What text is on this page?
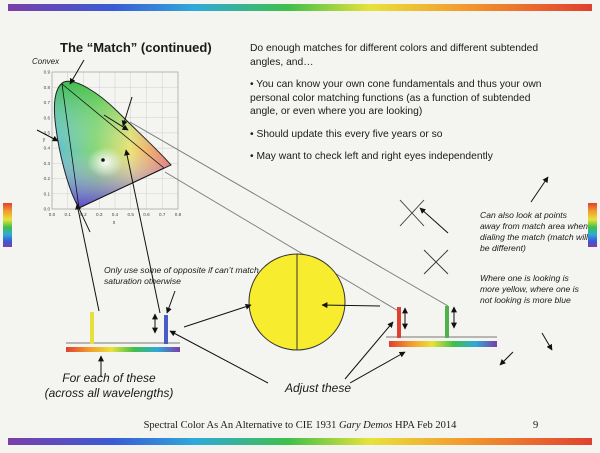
The “Match” (continued)
Convex

Do enough matches for different colors and different subtended angles, and…

• You can know your own cone fundamentals and thus your own personal color matching functions (as a function of subtended angle, or even where you are looking)

• Should update this every five years or so

• May want to check left and right eyes independently

Only use some of opposite if can’t match saturation otherwise
Can also look at points away from match area when dialing the match (match will be different)
Where one is looking is more yellow, where one is not looking is more blue
For each of these
(across all wavelengths)	Adjust these
Spectral Color As An Alternative to CIE 1931 Gary Demos HPA Feb 2014	9
0.0 0.1 0.2 0.3 0.4 0.5 0.6 0.7 0.8
0.9
0.8
0.7
0.6
0.5
0.4
0.3
0.2
0.1
0.0
x
y
